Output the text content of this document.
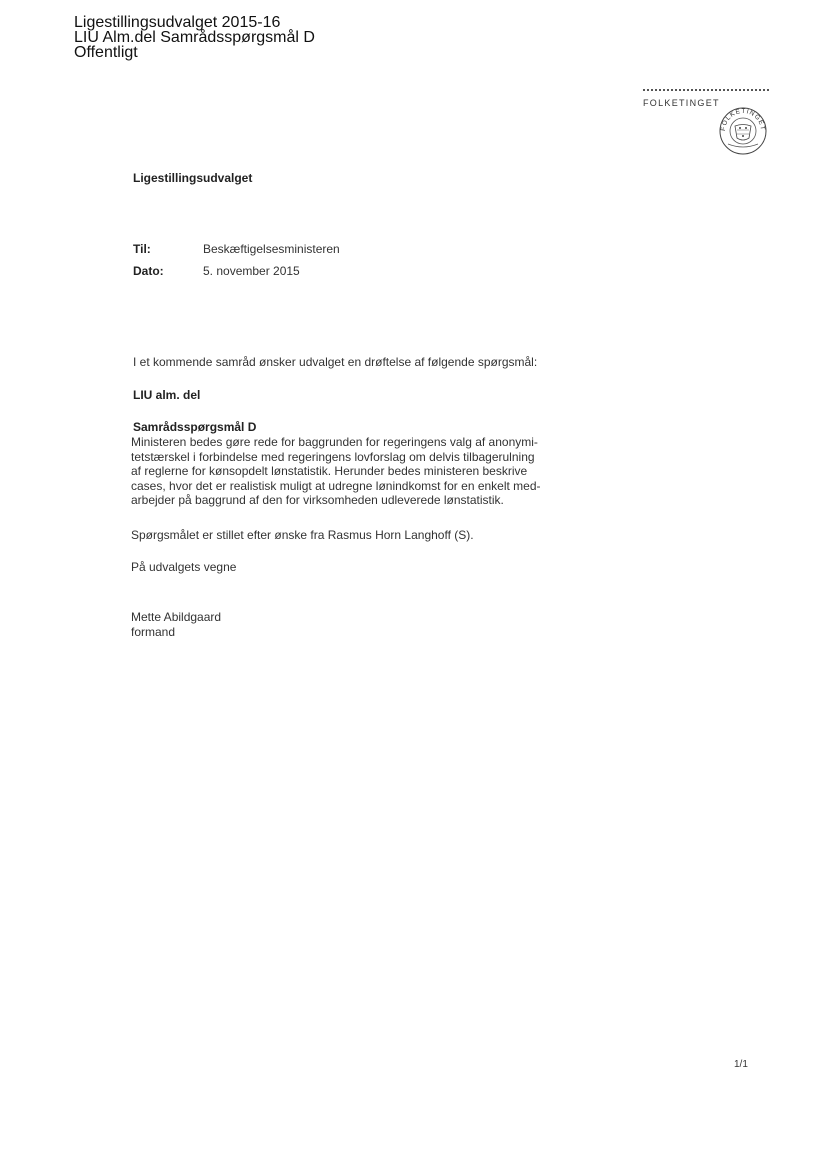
Ligestillingsudvalget 2015-16
LIU Alm.del Samrådsspørgsmål D
Offentligt
FOLKETINGET
FOLKETINGET
Ligestillingsudvalget
Til:	Beskæftigelsesministeren
Dato:	5. november 2015
I et kommende samråd ønsker udvalget en drøftelse af følgende spørgsmål:
LIU alm. del
Samrådsspørgsmål D
Ministeren bedes gøre rede for baggrunden for regeringens valg af anonymi-
tetstærskel i forbindelse med regeringens lovforslag om delvis tilbagerulning
af reglerne for kønsopdelt lønstatistik. Herunder bedes ministeren beskrive
cases, hvor det er realistisk muligt at udregne lønindkomst for en enkelt med-
arbejder på baggrund af den for virksomheden udleverede lønstatistik.
Spørgsmålet er stillet efter ønske fra Rasmus Horn Langhoff (S).
På udvalgets vegne
Mette Abildgaard
formand
1/1
